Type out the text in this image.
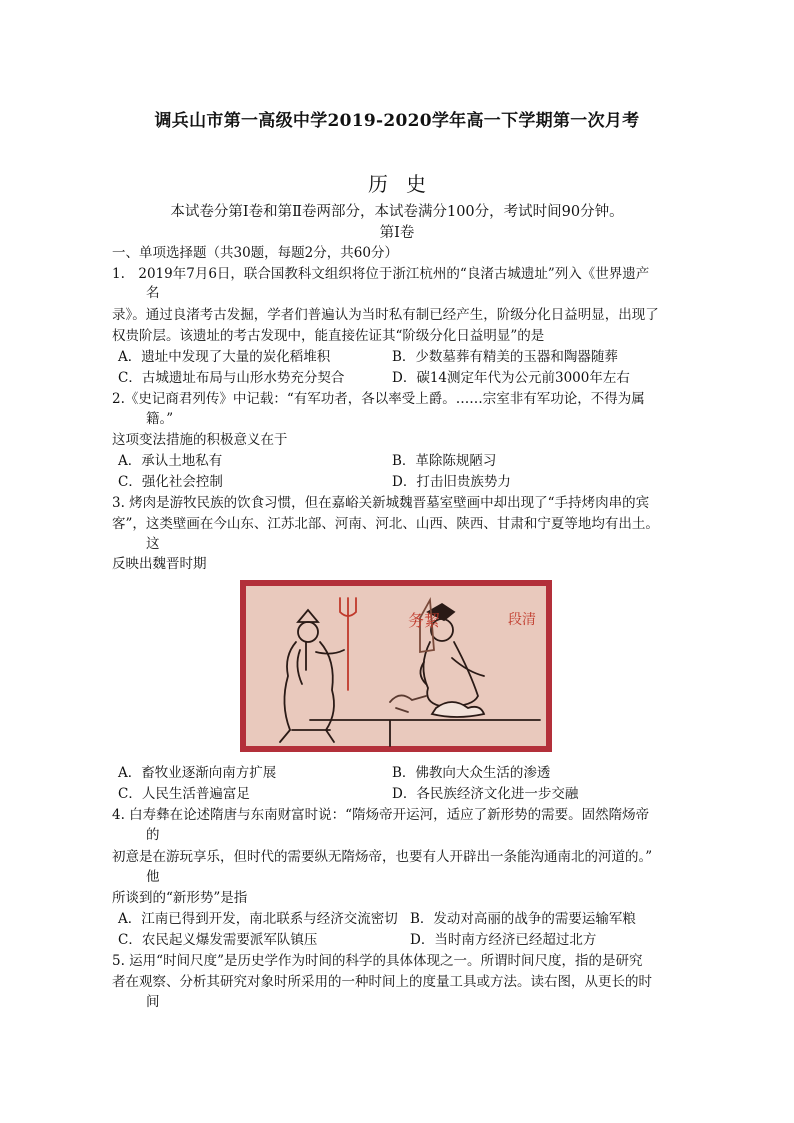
调兵山市第一高级中学2019-2020学年高一下学期第一次月考
历史
本试卷分第Ⅰ卷和第Ⅱ卷两部分，本试卷满分100分，考试时间90分钟。
第Ⅰ卷
一、单项选择题（共30题，每题2分，共60分）
1.　2019年7月6日，联合国教科文组织将位于浙江杭州的“良渚古城遗址”列入《世界遗产
名
录》。通过良渚考古发掘，学者们普遍认为当时私有制已经产生，阶级分化日益明显，出现了
权贵阶层。该遗址的考古发现中，能直接佐证其“阶级分化日益明显”的是
A．遗址中发现了大量的炭化稻堆积	B．少数墓葬有精美的玉器和陶器随葬
C．古城遗址布局与山形水势充分契合	D．碳14测定年代为公元前3000年左右
2.《史记商君列传》中记载：“有军功者，各以率受上爵。……宗室非有军功论，不得为属
籍。”
这项变法措施的积极意义在于
A．承认土地私有	B．革除陈规陋习
C．强化社会控制	D．打击旧贵族势力
3. 烤肉是游牧民族的饮食习惯，但在嘉峪关新城魏晋墓室壁画中却出现了“手持烤肉串的宾
客”，这类壁画在今山东、江苏北部、河南、河北、山西、陕西、甘肃和宁夏等地均有出土。
这
反映出魏晋时期
务絜	段清
A．畜牧业逐渐向南方扩展	B．佛教向大众生活的渗透
C．人民生活普遍富足	D．各民族经济文化进一步交融
4. 白寿彝在论述隋唐与东南财富时说：“隋炀帝开运河，适应了新形势的需要。固然隋炀帝
的
初意是在游玩享乐，但时代的需要纵无隋炀帝，也要有人开辟出一条能沟通南北的河道的。”
他
所谈到的“新形势”是指
A．江南已得到开发，南北联系与经济交流密切 B．发动对高丽的战争的需要运输军粮
C．农民起义爆发需要派军队镇压	D．当时南方经济已经超过北方
5. 运用“时间尺度”是历史学作为时间的科学的具体体现之一。所谓时间尺度，指的是研究
者在观察、分析其研究对象时所采用的一种时间上的度量工具或方法。读右图，从更长的时
间
